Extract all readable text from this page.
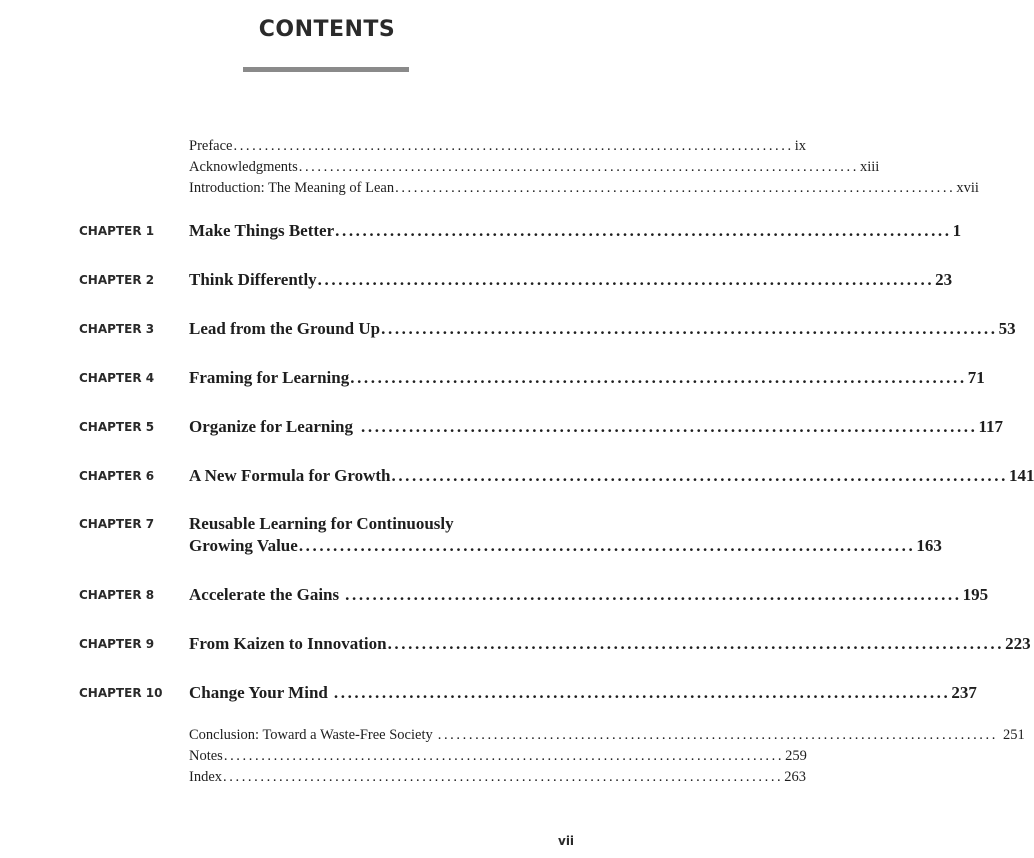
CONTENTS
Preface .......................................................................................... ix
Acknowledgments .......................................................................................... xiii
Introduction: The Meaning of Lean .......................................................................................... xvii
CHAPTER 1 Make Things Better .......................................................................................... 1
CHAPTER 2 Think Differently .......................................................................................... 23
CHAPTER 3 Lead from the Ground Up .......................................................................................... 53
CHAPTER 4 Framing for Learning .......................................................................................... 71
CHAPTER 5 Organize for Learning .......................................................................................... 117
CHAPTER 6 A New Formula for Growth .......................................................................................... 141
CHAPTER 7 Reusable Learning for Continuously
Growing Value .......................................................................................... 163
CHAPTER 8 Accelerate the Gains .......................................................................................... 195
CHAPTER 9 From Kaizen to Innovation .......................................................................................... 223
CHAPTER 10 Change Your Mind .......................................................................................... 237
Conclusion: Toward a Waste-Free Society .......................................................................................... 251
Notes .......................................................................................... 259
Index .......................................................................................... 263
vii
